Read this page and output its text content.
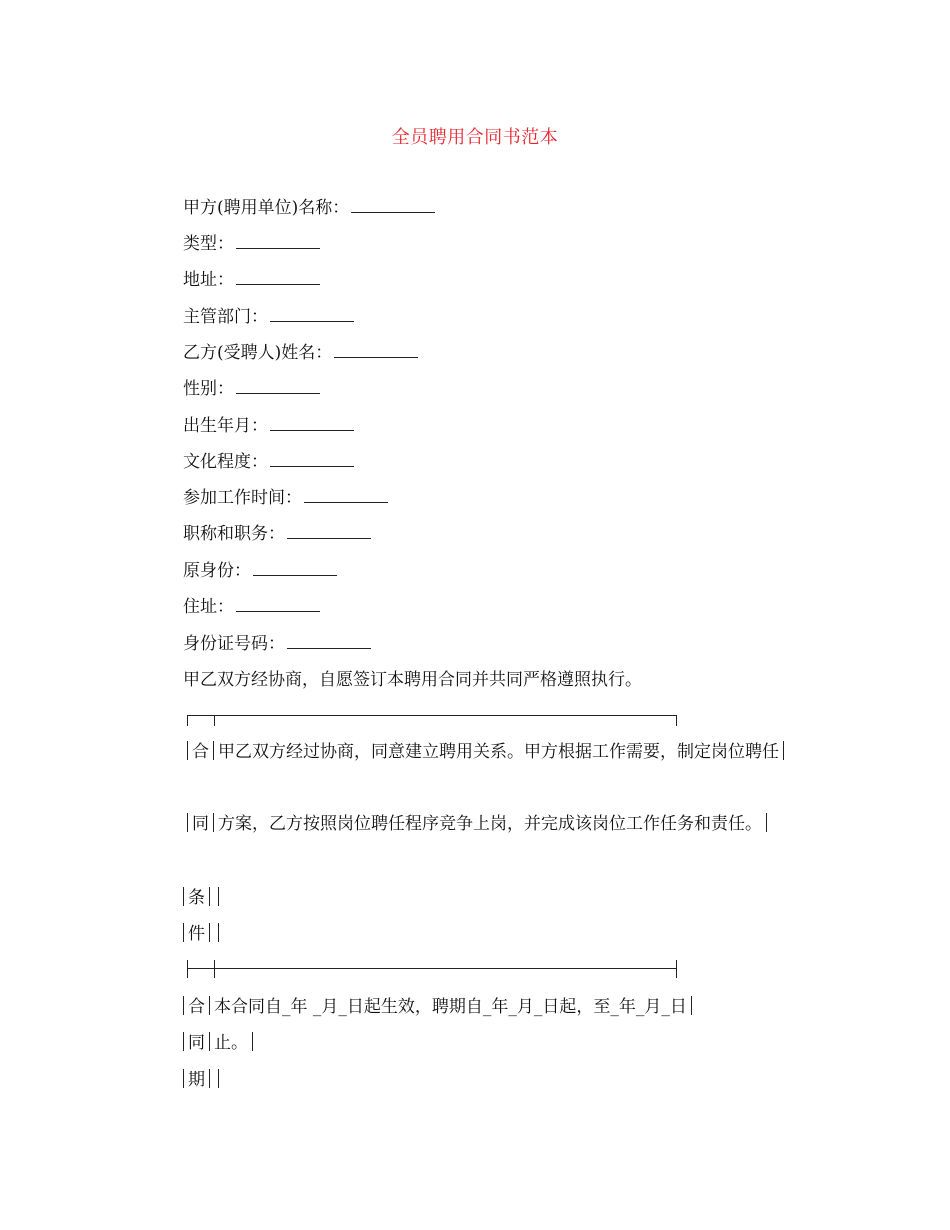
全员聘用合同书范本
甲方(聘用单位)名称：
类型：
地址：
主管部门：
乙方(受聘人)姓名：
性别：
出生年月：
文化程度：
参加工作时间：
职称和职务：
原身份：
住址：
身份证号码：
甲乙双方经协商，自愿签订本聘用合同并共同严格遵照执行。
合 甲乙双方经过协商，同意建立聘用关系。甲方根据工作需要，制定岗位聘任
同 方案，乙方按照岗位聘任程序竞争上岗，并完成该岗位工作任务和责任。
条
件
合 本合同自_年 _月_日起生效，聘期自_年_月_日起，至_年_月_日
同 止。
期
